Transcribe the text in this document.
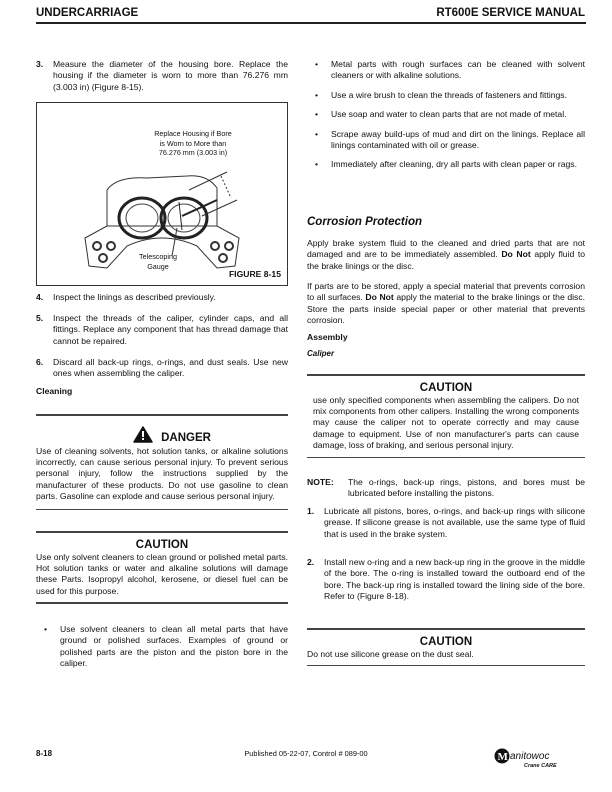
UNDERCARRIAGE	RT600E SERVICE MANUAL
3. Measure the diameter of the housing bore. Replace the housing if the diameter is worn to more than 76.276 mm (3.003 in) (Figure 8-15).
Replace Housing if Bore
is Worn to More than
76.276 mm (3.003 in)
Telescoping
Gauge
FIGURE 8-15
4. Inspect the linings as described previously.
5. Inspect the threads of the caliper, cylinder caps, and all fittings. Replace any component that has thread damage that cannot be repaired.
6. Discard all back-up rings, o-rings, and dust seals. Use new ones when assembling the caliper.
Cleaning
DANGER

Use of cleaning solvents, hot solution tanks, or alkaline solutions incorrectly, can cause serious personal injury. To prevent serious personal injury, follow the instructions supplied by the manufacturer of these products. Do not use gasoline to clean parts. Gasoline can explode and cause serious personal injury.

CAUTION

Use only solvent cleaners to clean ground or polished metal parts. Hot solution tanks or water and alkaline solutions will damage these Parts. Isopropyl alcohol, kerosene, or diesel fuel can be used for this purpose.

• Use solvent cleaners to clean all metal parts that have ground or polished surfaces. Examples of ground or polished parts are the piston and the piston bore in the caliper.
• Metal parts with rough surfaces can be cleaned with solvent cleaners or with alkaline solutions.
• Use a wire brush to clean the threads of fasteners and fittings.
• Use soap and water to clean parts that are not made of metal.
• Scrape away build-ups of mud and dirt on the linings. Replace all linings contaminated with oil or grease.
• Immediately after cleaning, dry all parts with clean paper or rags.
Corrosion Protection

Apply brake system fluid to the cleaned and dried parts that are not damaged and are to be immediately assembled. Do Not apply fluid to the brake linings or the disc.

If parts are to be stored, apply a special material that prevents corrosion to all surfaces. Do Not apply the material to the brake linings or the disc. Store the parts inside special paper or other material that prevents corrosion.

Assembly
Caliper
CAUTION

use only specified components when assembling the calipers. Do not mix components from other calipers. Installing the wrong components may cause the caliper not to operate correctly and may cause damage to equipment. Use of non manufacturer's parts can cause damage, loss of braking, and serious personal injury.

NOTE: The o-rings, back-up rings, pistons, and bores must be lubricated before installing the pistons.
1. Lubricate all pistons, bores, o-rings, and back-up rings with silicone grease. If silicone grease is not available, use the same type of fluid that is used in the brake system.
2. Install new o-ring and a new back-up ring in the groove in the middle of the bore. The o-ring is installed toward the outboard end of the bore. The back-up ring is installed toward the lining side of the bore. Refer to (Figure 8-18).
CAUTION

Do not use silicone grease on the dust seal.

8-18	Published 05-22-07, Control # 089-00	M anitowoc
Crane CARE
